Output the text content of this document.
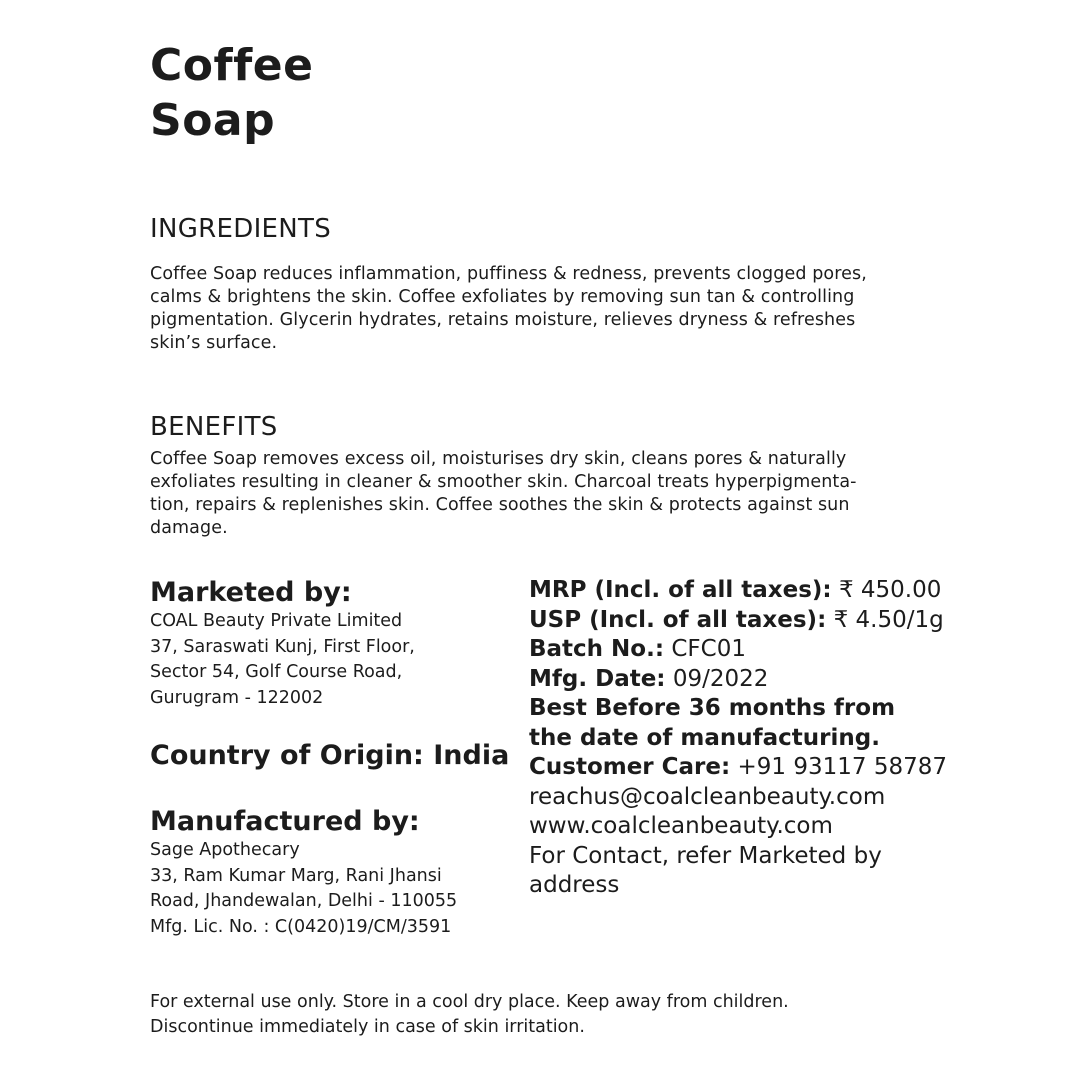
Coffee
Soap
INGREDIENTS
Coffee Soap reduces inflammation, puffiness & redness, prevents clogged pores,
calms & brightens the skin. Coffee exfoliates by removing sun tan & controlling
pigmentation. Glycerin hydrates, retains moisture, relieves dryness & refreshes
skin’s surface.
BENEFITS
Coffee Soap removes excess oil, moisturises dry skin, cleans pores & naturally
exfoliates resulting in cleaner & smoother skin. Charcoal treats hyperpigmenta-
tion, repairs & replenishes skin. Coffee soothes the skin & protects against sun
damage.
Marketed by:
COAL Beauty Private Limited
37, Saraswati Kunj, First Floor,
Sector 54, Golf Course Road,
Gurugram - 122002
Country of Origin: India
Manufactured by:
Sage Apothecary
33, Ram Kumar Marg, Rani Jhansi
Road, Jhandewalan, Delhi - 110055
Mfg. Lic. No. : C(0420)19/CM/3591
MRP (Incl. of all taxes): ₹ 450.00
USP (Incl. of all taxes): ₹ 4.50/1g
Batch No.: CFC01
Mfg. Date: 09/2022
Best Before 36 months from
the date of manufacturing.
Customer Care: +91 93117 58787
reachus@coalcleanbeauty.com
www.coalcleanbeauty.com
For Contact, refer Marketed by
address
For external use only. Store in a cool dry place. Keep away from children.
Discontinue immediately in case of skin irritation.
